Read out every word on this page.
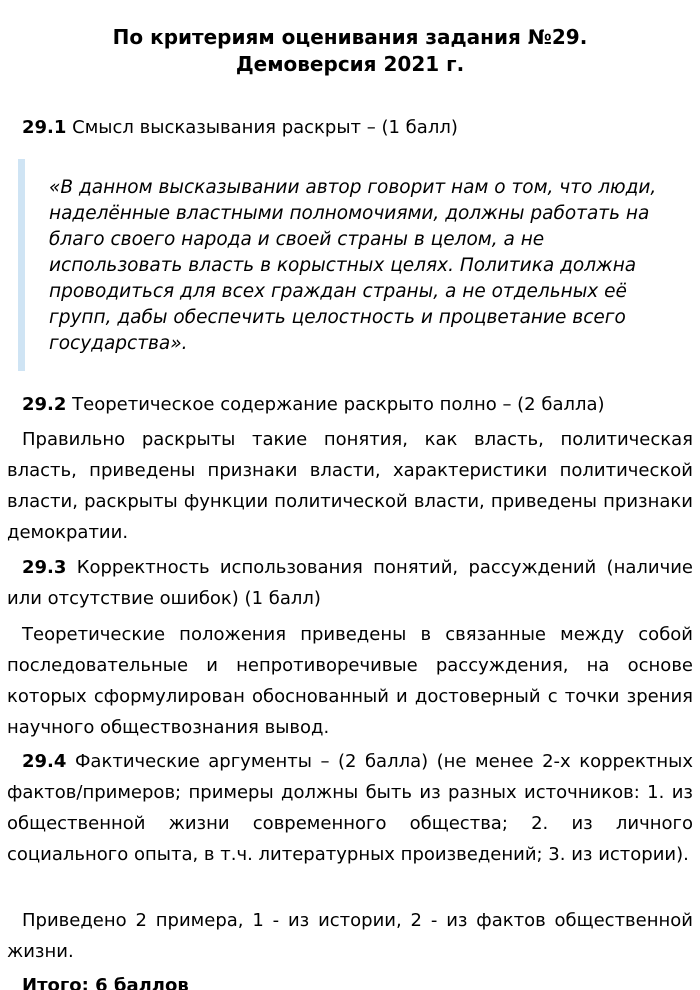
По критериям оценивания задания №29.
Демоверсия 2021 г.
29.1 Смысл высказывания раскрыт – (1 балл)
«В данном высказывании автор говорит нам о том, что люди, наделённые властными полномочиями, должны работать на благо своего народа и своей страны в целом, а не использовать власть в корыстных целях. Политика должна проводиться для всех граждан страны, а не отдельных её групп, дабы обеспечить целостность и процветание всего государства».
29.2 Теоретическое содержание раскрыто полно – (2 балла)
Правильно раскрыты такие понятия, как власть, политическая власть, приведены признаки власти, характеристики политической власти, раскрыты функции политической власти, приведены признаки демократии.
29.3 Корректность использования понятий, рассуждений (наличие или отсутствие ошибок) (1 балл)
Теоретические положения приведены в связанные между собой последовательные и непротиворечивые рассуждения, на основе которых сформулирован обоснованный и достоверный с точки зрения научного обществознания вывод.
29.4 Фактические аргументы – (2 балла) (не менее 2-х корректных фактов/примеров; примеры должны быть из разных источников: 1. из общественной жизни современного общества; 2. из личного социального опыта, в т.ч. литературных произведений; 3. из истории).
Приведено 2 примера, 1 - из истории, 2 - из фактов общественной жизни.
Итого: 6 баллов
